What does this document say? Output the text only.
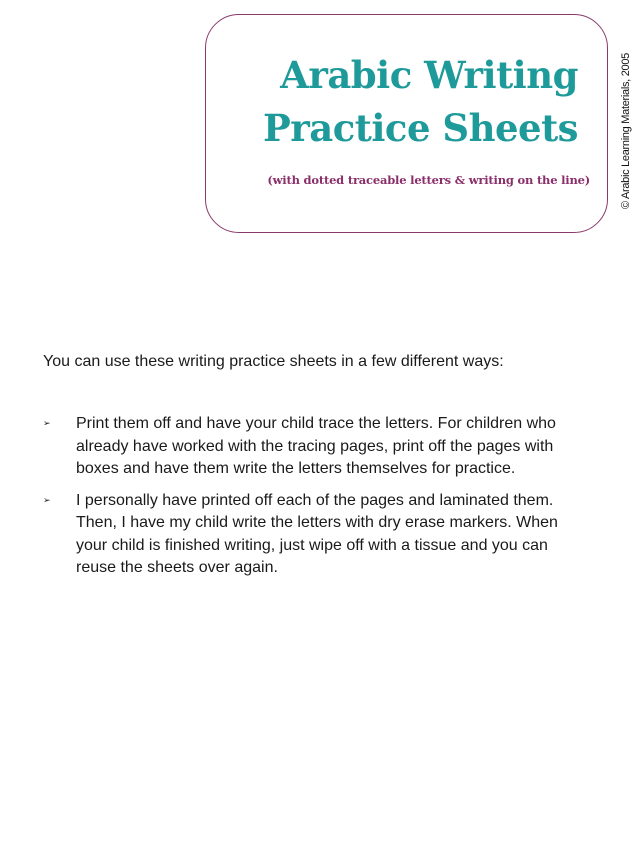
Arabic Writing
Practice Sheets
(with dotted traceable letters & writing on the line)	© Arabic Learning Materials, 2005
You can use these writing practice sheets in a few different ways:
➢ Print them off and have your child trace the letters. For children who
already have worked with the tracing pages, print off the pages with
boxes and have them write the letters themselves for practice.
➢ I personally have printed off each of the pages and laminated them.
Then, I have my child write the letters with dry erase markers. When
your child is finished writing, just wipe off with a tissue and you can
reuse the sheets over again.
